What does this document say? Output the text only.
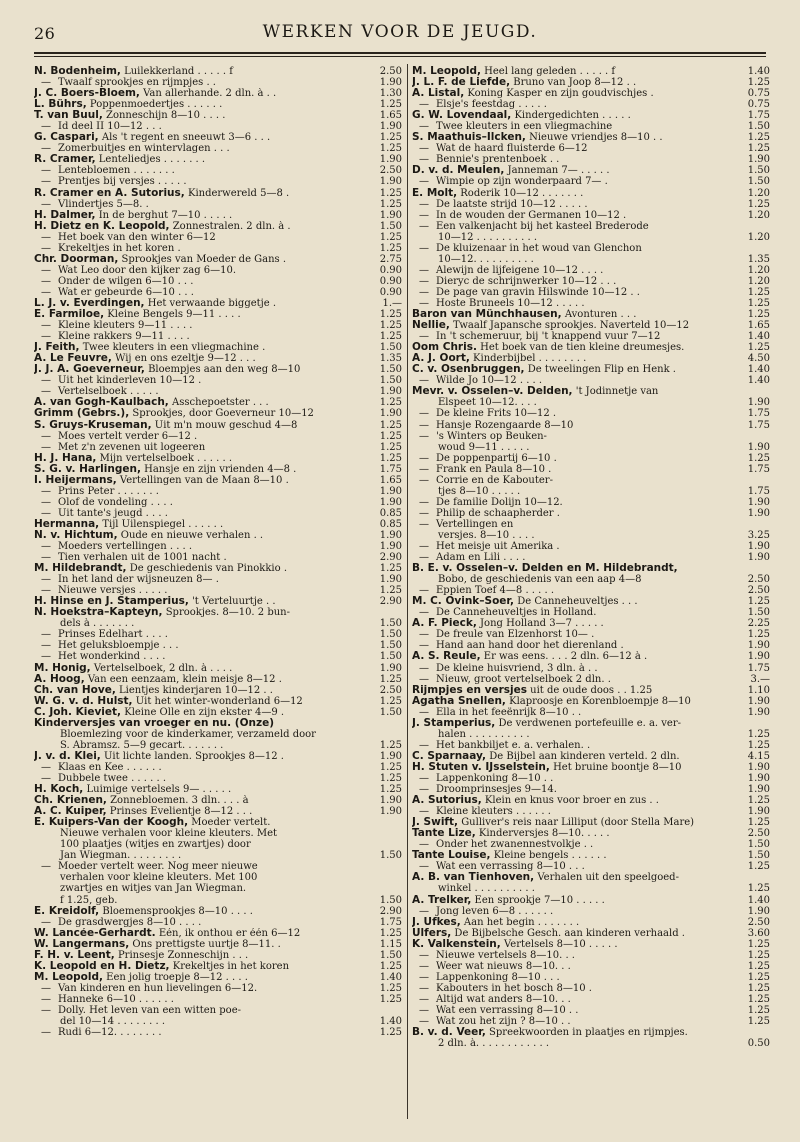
26	WERKEN VOOR DE JEUGD.
N. Bodenheim, Luilekkerland . . . . . f	2.50
— Twaalf sprookjes en rijmpjes . .	1.90
J. C. Boers-Bloem, Van allerhande. 2 dln. à . .	1.30
L. Bührs, Poppenmoedertjes . . . . . .	1.25
T. van Buul, Zonneschijn 8—10 . . . .	1.65
— Id deel II 10—12 . . .	1.90
G. Caspari, Als 't regent en sneeuwt 3—6 . . .	1.25
— Zomerbuitjes en wintervlagen . . .	1.25
R. Cramer, Lenteliedjes . . . . . . .	1.90
— Lentebloemen . . . . . . .	2.50
— Prentjes bij versjes . . . . .	1.90
R. Cramer en A. Sutorius, Kinderwereld 5—8 .	1.25
— Vlindertjes 5—8. .	1.25
H. Dalmer, In de berghut 7—10 . . . . .	1.90
H. Dietz en K. Leopold, Zonnestralen. 2 dln. à .	1.50
— Het boek van den winter 6—12	1.25
— Krekeltjes in het koren .	1.25
Chr. Doorman, Sprookjes van Moeder de Gans .	2.75
— Wat Leo door den kijker zag 6—10.	0.90
— Onder de wilgen 6—10 . . .	0.90
— Wat er gebeurde 6—10 . . .	0.90
L. J. v. Everdingen, Het verwaande biggetje .	1.—
E. Farmiloe, Kleine Bengels 9—11 . . . .	1.25
— Kleine kleuters 9—11 . . . .	1.25
— Kleine rakkers 9—11 . . . .	1.25
J. Feith, Twee kleuters in een vliegmachine .	1.50
A. Le Feuvre, Wij en ons ezeltje 9—12 . . .	1.35
J. J. A. Goeverneur, Bloempjes aan den weg 8—10	1.50
— Uit het kinderleven 10—12 .	1.50
— Vertelselboek . . . . .	1.90
A. van Gogh-Kaulbach, Asschepoetster . . .	1.25
Grimm (Gebrs.), Sprookjes, door Goeverneur 10—12	1.90
S. Gruys-Kruseman, Uit m'n mouw geschud 4—8	1.25
— Moes vertelt verder 6—12 .	1.25
— Met z'n zevenen uit logeeren	1.25
H. J. Hana, Mijn vertelselboek . . . . . .	1.25
S. G. v. Harlingen, Hansje en zijn vrienden 4—8 .	1.75
I. Heijermans, Vertellingen van de Maan 8—10 .	1.65
— Prins Peter . . . . . . .	1.90
— Olof de vondeling . . . .	1.90
— Uit tante's jeugd . . . .	0.85
Hermanna, Tijl Uilenspiegel . . . . . .	0.85
N. v. Hichtum, Oude en nieuwe verhalen . .	1.90
— Moeders vertellingen . . . .	1.90
— Tien verhalen uit de 1001 nacht .	2.90
M. Hildebrandt, De geschiedenis van Pinokkio .	1.25
— In het land der wijsneuzen 8— .	1.90
— Nieuwe versjes . . . . .	1.25
H. Hinse en J. Stamperius, 't Verteluurtje . .	2.90
N. Hoekstra–Kapteyn, Sprookjes. 8—10. 2 bun-
dels à . . . . . . .	1.50
— Prinses Edelhart . . . .	1.50
— Het geluksbloempje . . .	1.50
— Het wonderkind . . . .	1.50
M. Honig, Vertelselboek, 2 dln. à . . . .	1.90
A. Hoog, Van een eenzaam, klein meisje 8—12 .	1.25
Ch. van Hove, Lientjes kinderjaren 10—12 . .	2.50
W. G. v. d. Hulst, Uit het winter-wonderland 6—12	1.25
C. Joh. Kieviet, Kleine Olle en zijn ekster 4—9 .	1.50
Kinderversjes van vroeger en nu. (Onze)
Bloemlezing voor de kinderkamer, verzameld door
S. Abramsz. 5—9 gecart. . . . . . .	1.25
J. v. d. Klei, Uit lichte landen. Sprookjes 8—12 .	1.90
— Klaas en Kee . . . . . .	1.25
— Dubbele twee . . . . . .	1.25
H. Koch, Luimige vertelsels 9— . . . . .	1.25
Ch. Krienen, Zonnebloemen. 3 dln. . . . à	1.90
A. C. Kuiper, Prinses Evelientje 8—12 . . .	1.90
E. Kuipers-Van der Koogh, Moeder vertelt.
Nieuwe verhalen voor kleine kleuters. Met
100 plaatjes (witjes en zwartjes) door
Jan Wiegman. . . . . . . . .	1.50
— Moeder vertelt weer. Nog meer nieuwe
verhalen voor kleine kleuters. Met 100
zwartjes en witjes van Jan Wiegman.
f 1.25, geb.	1.50
E. Kreidolf, Bloemensprookjes 8—10 . . . .	2.90
— De grasdwergjes 8—10 . . . .	1.75
W. Lancée-Gerhardt. Eén, ik onthou er één 6—12	1.25
W. Langermans, Ons prettigste uurtje 8—11. .	1.15
F. H. v. Leent, Prinsesje Zonneschijn . . .	1.50
K. Leopold en H. Dietz, Krekeltjes in het koren	1.25
M. Leopold, Een jolig troepje 8—12 . . . .	1.40
— Van kinderen en hun lievelingen 6—12.	1.25
— Hanneke 6—10 . . . . . .	1.25
— Dolly. Het leven van een witten poe-
del 10—14 . . . . . . . .	1.40
— Rudi 6—12. . . . . . . .	1.25
M. Leopold, Heel lang geleden . . . . . f	1.40
J. L. F. de Liefde, Bruno van Joop 8—12 . .	1.25
A. Listal, Koning Kasper en zijn goudvischjes .	0.75
— Elsje's feestdag . . . . .	0.75
G. W. Lovendaal, Kindergedichten . . . . .	1.75
— Twee kleuters in een vliegmachine	1.50
S. Maathuis–Ilcken, Nieuwe vriendjes 8—10 . .	1.25
— Wat de haard fluisterde 6—12	1.25
— Bennie's prentenboek . .	1.90
D. v. d. Meulen, Janneman 7— . . . . .	1.50
— Wimpie op zijn wonderpaard 7— .	1.50
E. Molt, Roderik 10—12 . . . . . . .	1.20
— De laatste strijd 10—12 . . . . .	1.25
— In de wouden der Germanen 10—12 .	1.20
— Een valkenjacht bij het kasteel Brederode
10—12 . . . . . . . . . .	1.20
— De kluizenaar in het woud van Glenchon
10—12. . . . . . . . . .	1.35
— Alewijn de lijfeigene 10—12 . . . .	1.20
— Dieryc de schrijnwerker 10—12 . . .	1.20
— De page van gravin Hilswinde 10—12 . .	1.25
— Hoste Bruneels 10—12 . . . . .	1.25
Baron van Münchhausen, Avonturen . . .	1.25
Nellie, Twaalf Japansche sprookjes. Naverteld 10—12	1.65
— In 't schemeruur, bij 't knappend vuur 7—12	1.40
Oom Chris. Het boek van de tien kleine dreumesjes.	1.25
A. J. Oort, Kinderbijbel . . . . . . . .	4.50
C. v. Osenbruggen, De tweelingen Flip en Henk .	1.40
— Wilde Jo 10—12 . . . .	1.40
Mevr. v. Osselen–v. Delden, 't Jodinnetje van
Elspeet 10—12. . . .	1.90
— De kleine Frits 10—12 .	1.75
— Hansje Rozengaarde 8—10	1.75
— 's Winters op Beuken-
woud 9—11 . . . . .	1.90
— De poppenpartij 6—10 .	1.25
— Frank en Paula 8—10 .	1.75
— Corrie en de Kabouter-
tjes 8—10 . . . . .	1.75
— De familie Dolijn 10—12.	1.90
— Philip de schaapherder .	1.90
— Vertellingen en
versjes. 8—10 . . . .	3.25
— Het meisje uit Amerika .	1.90
— Adam en Lili . . . .	1.90
B. E. v. Osselen–v. Delden en M. Hildebrandt,
Bobo, de geschiedenis van een aap 4—8	2.50
— Eppien Toef 4—8 . . . . .	2.50
M. C. Ovink–Soer, De Canneheuveltjes . . .	1.25
— De Canneheuveltjes in Holland.	1.50
A. F. Pieck, Jong Holland 3—7 . . . . .	2.25
— De freule van Elzenhorst 10— .	1.25
— Hand aan hand door het dierenland .	1.90
A. S. Reule, Er was eens. . . . 2 dln. 6—12 à .	1.90
— De kleine huisvriend, 3 dln. à . .	1.75
— Nieuw, groot vertelselboek 2 dln. .	3.—
Rijmpjes en versjes uit de oude doos . . 1.25	1.10
Agatha Snellen, Klaproosje en Korenbloempje 8—10	1.90
— Ella in het feeënrijk 8—10 . .	1.90
J. Stamperius, De verdwenen portefeuille e. a. ver-
halen . . . . . . . . . .	1.25
— Het bankbiljet e. a. verhalen. .	1.25
C. Sparnaay, De Bijbel aan kinderen verteld. 2 dln.	4.15
H. Stuten v. IJsselstein, Het bruine boontje 8—10	1.90
— Lappenkoning 8—10 . .	1.90
— Droomprinsesjes 9—14.	1.90
A. Sutorius, Klein en knus voor broer en zus . .	1.25
— Kleine kleuters . . . . . .	1.90
J. Swift, Gulliver's reis naar Lilliput (door Stella Mare)	1.25
Tante Lize, Kinderversjes 8—10. . . . .	2.50
— Onder het zwanennestvolkje . .	1.50
Tante Louise, Kleine bengels . . . . . .	1.50
— Wat een verrassing 8—10 . . .	1.25
A. B. van Tienhoven, Verhalen uit den speelgoed-
winkel . . . . . . . . . .	1.25
A. Trelker, Een sprookje 7—10 . . . . .	1.40
— Jong leven 6—8 . . . . . .	1.90
J. Ufkes, Aan het begin . . . . . . .	2.50
Ulfers, De Bijbelsche Gesch. aan kinderen verhaald .	3.60
K. Valkenstein, Vertelsels 8—10 . . . . .	1.25
— Nieuwe vertelsels 8—10. . .	1.25
— Weer wat nieuws 8—10. . .	1.25
— Lappenkoning 8—10 . . .	1.25
— Kabouters in het bosch 8—10 .	1.25
— Altijd wat anders 8—10. . .	1.25
— Wat een verrassing 8—10 . .	1.25
— Wat zou het zijn ? 8—10 . .	1.25
B. v. d. Veer, Spreekwoorden in plaatjes en rijmpjes.
2 dln. à. . . . . . . . . . . .	0.50
